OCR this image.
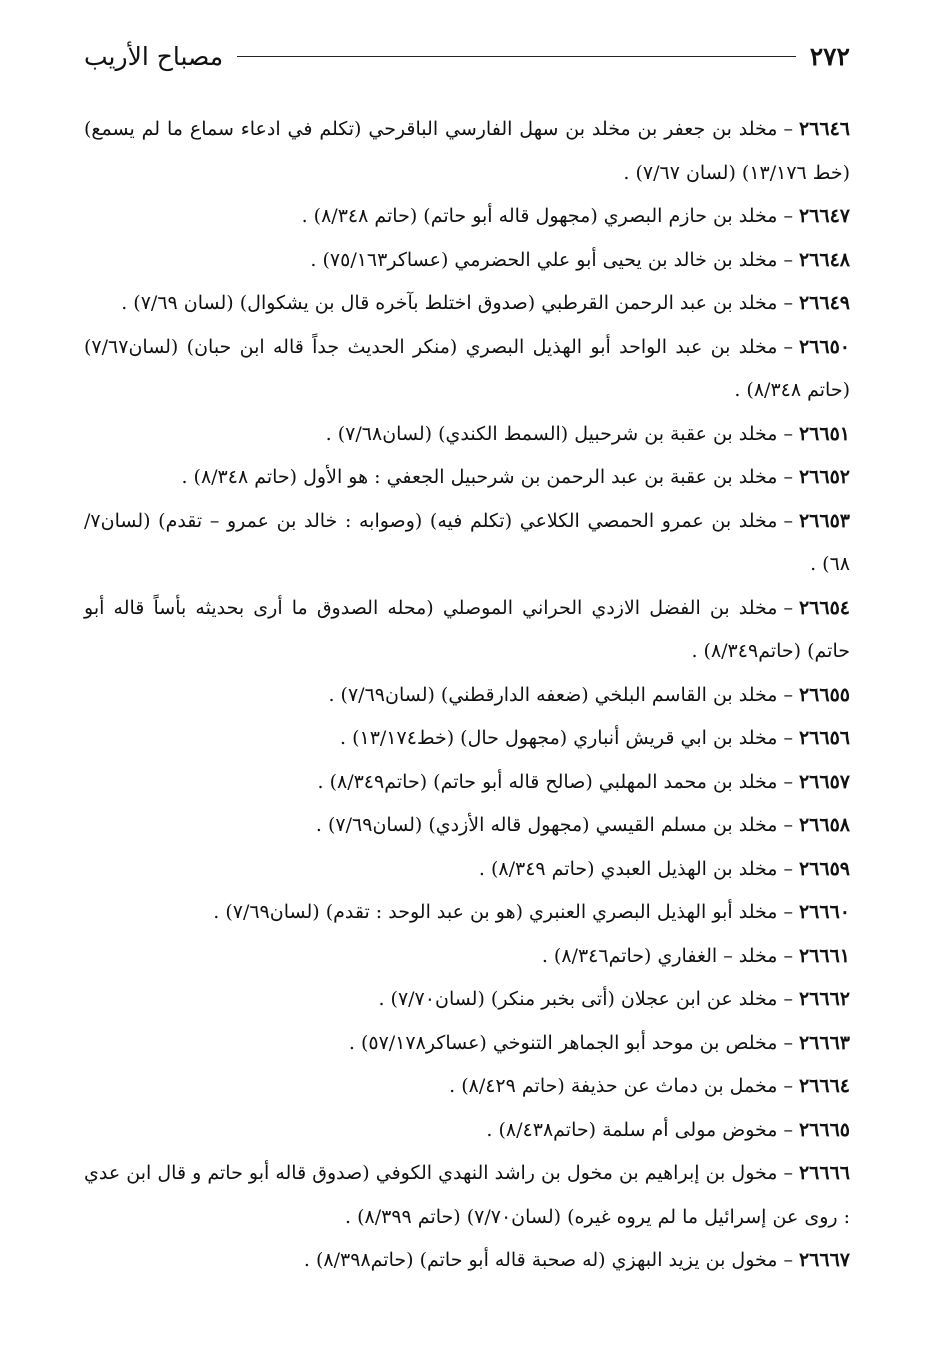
٢٧٢
مصباح الأريب

٢٦٦٤٦–مخلد بن جعفر بن مخلد بن سهل الفارسي الباقرحي (تكلم في ادعاء سماع ما لم يسمع) (خط ١٣/١٧٦) (لسان ٧/٦٧) .

٢٦٦٤٧–مخلد بن حازم البصري (مجهول قاله أبو حاتم) (حاتم ٨/٣٤٨) .

٢٦٦٤٨–مخلد بن خالد بن يحيى أبو علي الحضرمي (عساكر٧٥/١٦٣) .

٢٦٦٤٩–مخلد بن عبد الرحمن القرطبي (صدوق اختلط بآخره قال بن يشكوال) (لسان ٧/٦٩) .

٢٦٦٥٠–مخلد بن عبد الواحد أبو الهذيل البصري (منكر الحديث جداً قاله ابن حبان) (لسان٧/٦٧) (حاتم ٨/٣٤٨) .

٢٦٦٥١–مخلد بن عقبة بن شرحبيل (السمط الكندي) (لسان٧/٦٨) .

٢٦٦٥٢–مخلد بن عقبة بن عبد الرحمن بن شرحبيل الجعفي : هو الأول (حاتم ٨/٣٤٨) .

٢٦٦٥٣–مخلد بن عمرو الحمصي الكلاعي (تكلم فيه) (وصوابه : خالد بن عمرو – تقدم) (لسان٧/ ٦٨) .

٢٦٦٥٤–مخلد بن الفضل الازدي الحراني الموصلي (محله الصدوق ما أرى بحديثه بأساً قاله أبو حاتم) (حاتم٨/٣٤٩) .

٢٦٦٥٥–مخلد بن القاسم البلخي (ضعفه الدارقطني) (لسان٧/٦٩) .

٢٦٦٥٦–مخلد بن ابي قريش أنباري (مجهول حال) (خط١٣/١٧٤) .

٢٦٦٥٧–مخلد بن محمد المهلبي (صالح قاله أبو حاتم) (حاتم٨/٣٤٩) .

٢٦٦٥٨–مخلد بن مسلم القيسي (مجهول قاله الأزدي) (لسان٧/٦٩) .

٢٦٦٥٩–مخلد بن الهذيل العبدي (حاتم ٨/٣٤٩) .

٢٦٦٦٠–مخلد أبو الهذيل البصري العنبري (هو بن عبد الوحد : تقدم) (لسان٧/٦٩) .

٢٦٦٦١–مخلد – الغفاري (حاتم٨/٣٤٦) .

٢٦٦٦٢–مخلد عن ابن عجلان (أتى بخبر منكر) (لسان٧/٧٠) .

٢٦٦٦٣–مخلص بن موحد أبو الجماهر التنوخي (عساكر٥٧/١٧٨) .

٢٦٦٦٤–مخمل بن دماث عن حذيفة (حاتم ٨/٤٢٩) .

٢٦٦٦٥–مخوض مولى أم سلمة (حاتم٨/٤٣٨) .

٢٦٦٦٦–مخول بن إبراهيم بن مخول بن راشد النهدي الكوفي (صدوق قاله أبو حاتم و قال ابن عدي : روى عن إسرائيل ما لم يروه غيره) (لسان٧/٧٠) (حاتم ٨/٣٩٩) .

٢٦٦٦٧–مخول بن يزيد البهزي (له صحبة قاله أبو حاتم) (حاتم٨/٣٩٨) .
